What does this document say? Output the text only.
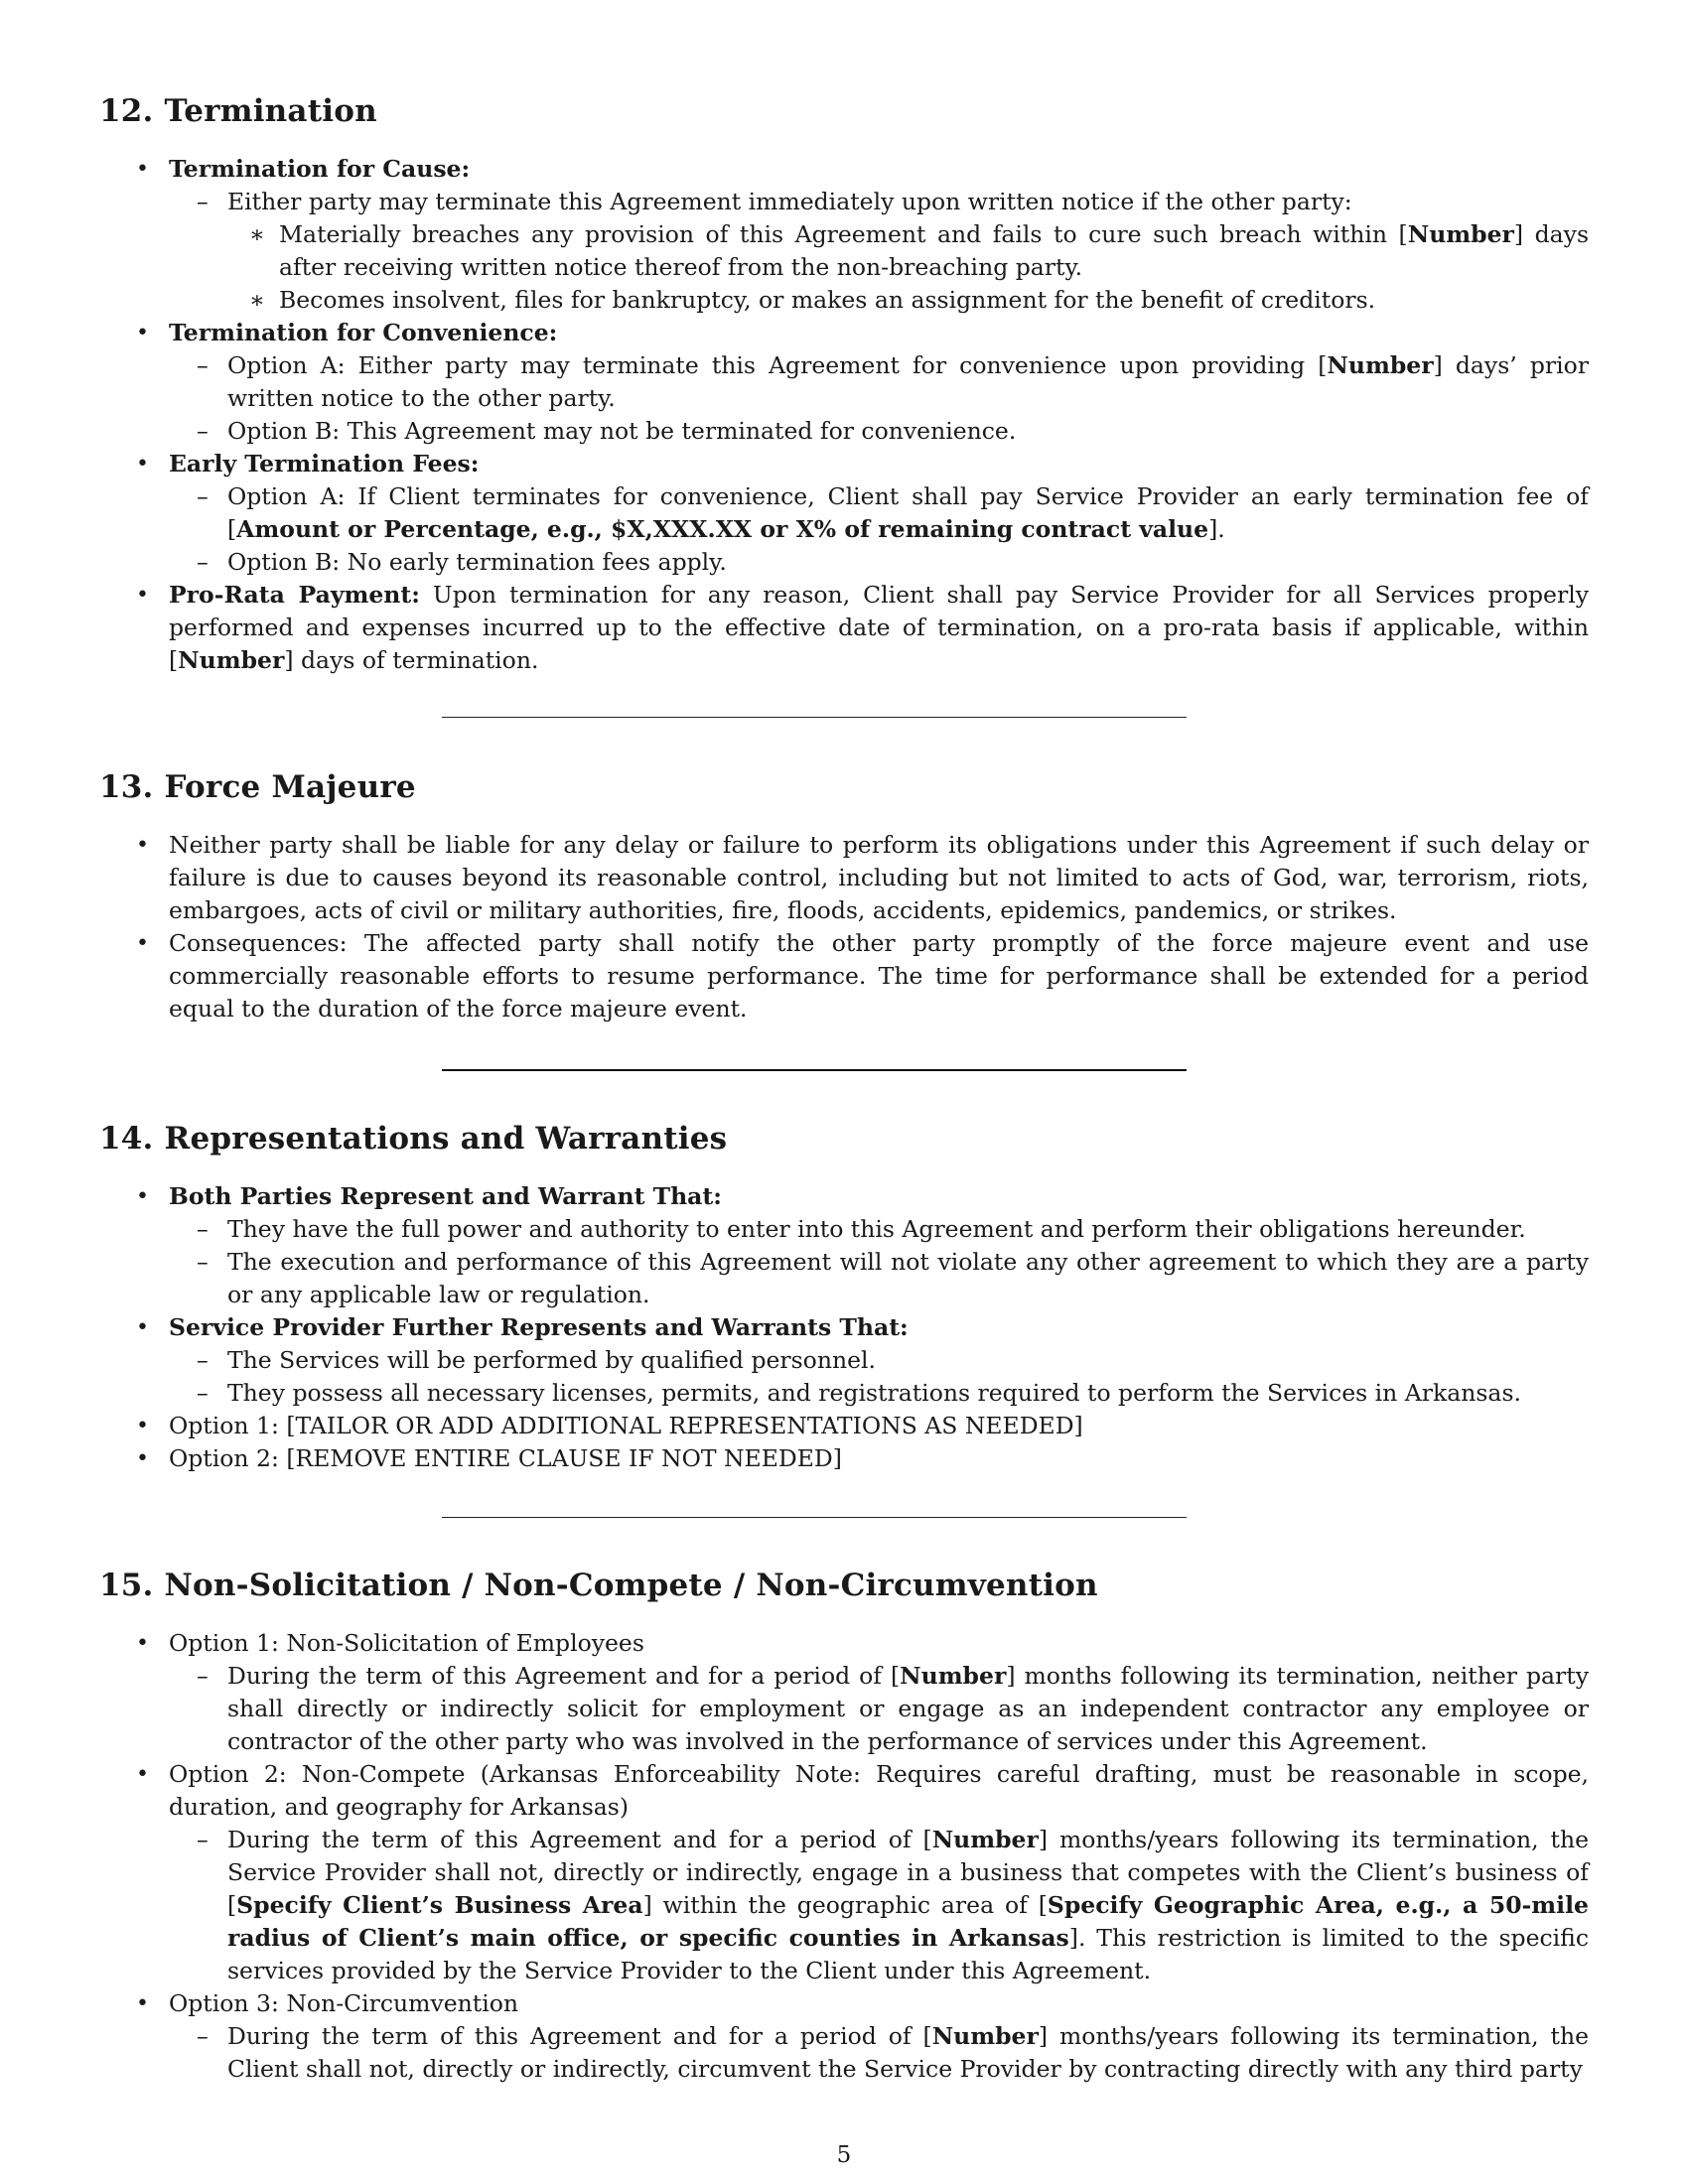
12. Termination
• Termination for Cause:
– Either party may terminate this Agreement immediately upon written notice if the other party:
∗ Materially breaches any provision of this Agreement and fails to cure such breach within [Number] days after receiving written notice thereof from the non-breaching party.
∗ Becomes insolvent, files for bankruptcy, or makes an assignment for the benefit of creditors.
• Termination for Convenience:
– Option A: Either party may terminate this Agreement for convenience upon providing [Number] days’ prior written notice to the other party.
– Option B: This Agreement may not be terminated for convenience.
• Early Termination Fees:
– Option A: If Client terminates for convenience, Client shall pay Service Provider an early termination fee of [Amount or Percentage, e.g., $X,XXX.XX or X% of remaining contract value].
– Option B: No early termination fees apply.
• Pro-Rata Payment: Upon termination for any reason, Client shall pay Service Provider for all Services properly performed and expenses incurred up to the effective date of termination, on a pro-rata basis if applicable, within [Number] days of termination.
13. Force Majeure
• Neither party shall be liable for any delay or failure to perform its obligations under this Agreement if such delay or failure is due to causes beyond its reasonable control, including but not limited to acts of God, war, terrorism, riots, embargoes, acts of civil or military authorities, fire, floods, accidents, epidemics, pandemics, or strikes.
• Consequences: The affected party shall notify the other party promptly of the force majeure event and use commercially reasonable efforts to resume performance. The time for performance shall be extended for a period equal to the duration of the force majeure event.
14. Representations and Warranties
• Both Parties Represent and Warrant That:
– They have the full power and authority to enter into this Agreement and perform their obligations hereunder.
– The execution and performance of this Agreement will not violate any other agreement to which they are a party or any applicable law or regulation.
• Service Provider Further Represents and Warrants That:
– The Services will be performed by qualified personnel.
– They possess all necessary licenses, permits, and registrations required to perform the Services in Arkansas.
• Option 1: [TAILOR OR ADD ADDITIONAL REPRESENTATIONS AS NEEDED]
• Option 2: [REMOVE ENTIRE CLAUSE IF NOT NEEDED]
15. Non-Solicitation / Non-Compete / Non-Circumvention
• Option 1: Non-Solicitation of Employees
– During the term of this Agreement and for a period of [Number] months following its termination, neither party shall directly or indirectly solicit for employment or engage as an independent contractor any employee or contractor of the other party who was involved in the performance of services under this Agreement.
• Option 2: Non-Compete (Arkansas Enforceability Note: Requires careful drafting, must be reasonable in scope, duration, and geography for Arkansas)
– During the term of this Agreement and for a period of [Number] months/years following its termination, the Service Provider shall not, directly or indirectly, engage in a business that competes with the Client’s business of [Specify Client’s Business Area] within the geographic area of [Specify Geographic Area, e.g., a 50-mile radius of Client’s main office, or specific counties in Arkansas]. This restriction is limited to the specific services provided by the Service Provider to the Client under this Agreement.
• Option 3: Non-Circumvention
– During the term of this Agreement and for a period of [Number] months/years following its termination, the Client shall not, directly or indirectly, circumvent the Service Provider by contracting directly with any third party
5
